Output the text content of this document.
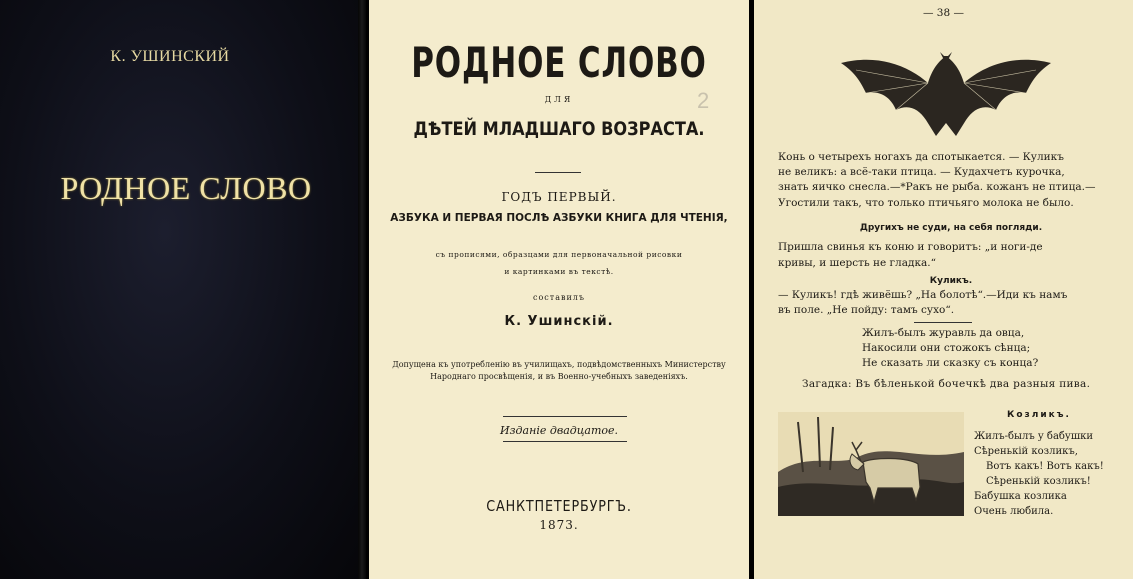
К. УШИНСКИЙ
РОДНОЕ СЛОВО
РОДНОЕ СЛОВО
ДЛЯ	2
ДѢТЕЙ МЛАДШАГО ВОЗРАСТА.
ГОДЪ ПЕРВЫЙ.
АЗБУКА И ПЕРВАЯ ПОСЛѢ АЗБУКИ КНИГА ДЛЯ ЧТЕНІЯ,
съ прописями, образцами для первоначальной рисовки
и картинками въ текстѣ.
составилъ
К. Ушинскій.
Допущена къ употребленію въ училищахъ, подвѣдомственныхъ Министерству
Народнаго просвѣщенія, и въ Военно-учебныхъ заведеніяхъ.
Изданіе двадцатое.
САНКТПЕТЕРБУРГЪ.
1873.
— 38 —
Конь о четырехъ ногахъ да спотыкается. — Куликъ
не великъ: а всё-таки птица. — Кудахчетъ курочка,
знать яичко снесла.—*Ракъ не рыба. кожанъ не птица.—
Угостили такъ, что только птичьяго молока не было.
Другихъ не суди, на себя погляди.
Пришла свинья къ коню и говоритъ: „и ноги-де
кривы, и шерсть не гладка.“
Куликъ.
— Куликъ! гдѣ живёшь? „На болотѣ“.—Иди къ намъ
въ поле. „Не пойду: тамъ сухо“.
Жилъ-былъ журавль да овца,
Накосили они стожокъ сѣнца;
Не сказать ли сказку съ конца?
Загадка: Въ бѣленькой бочечкѣ два разныя пива.
Козликъ.
Жилъ-былъ у бабушки
Сѣренькій козликъ,
Вотъ какъ! Вотъ какъ!
Сѣренькій козликъ!
Бабушка козлика
Очень любила.
